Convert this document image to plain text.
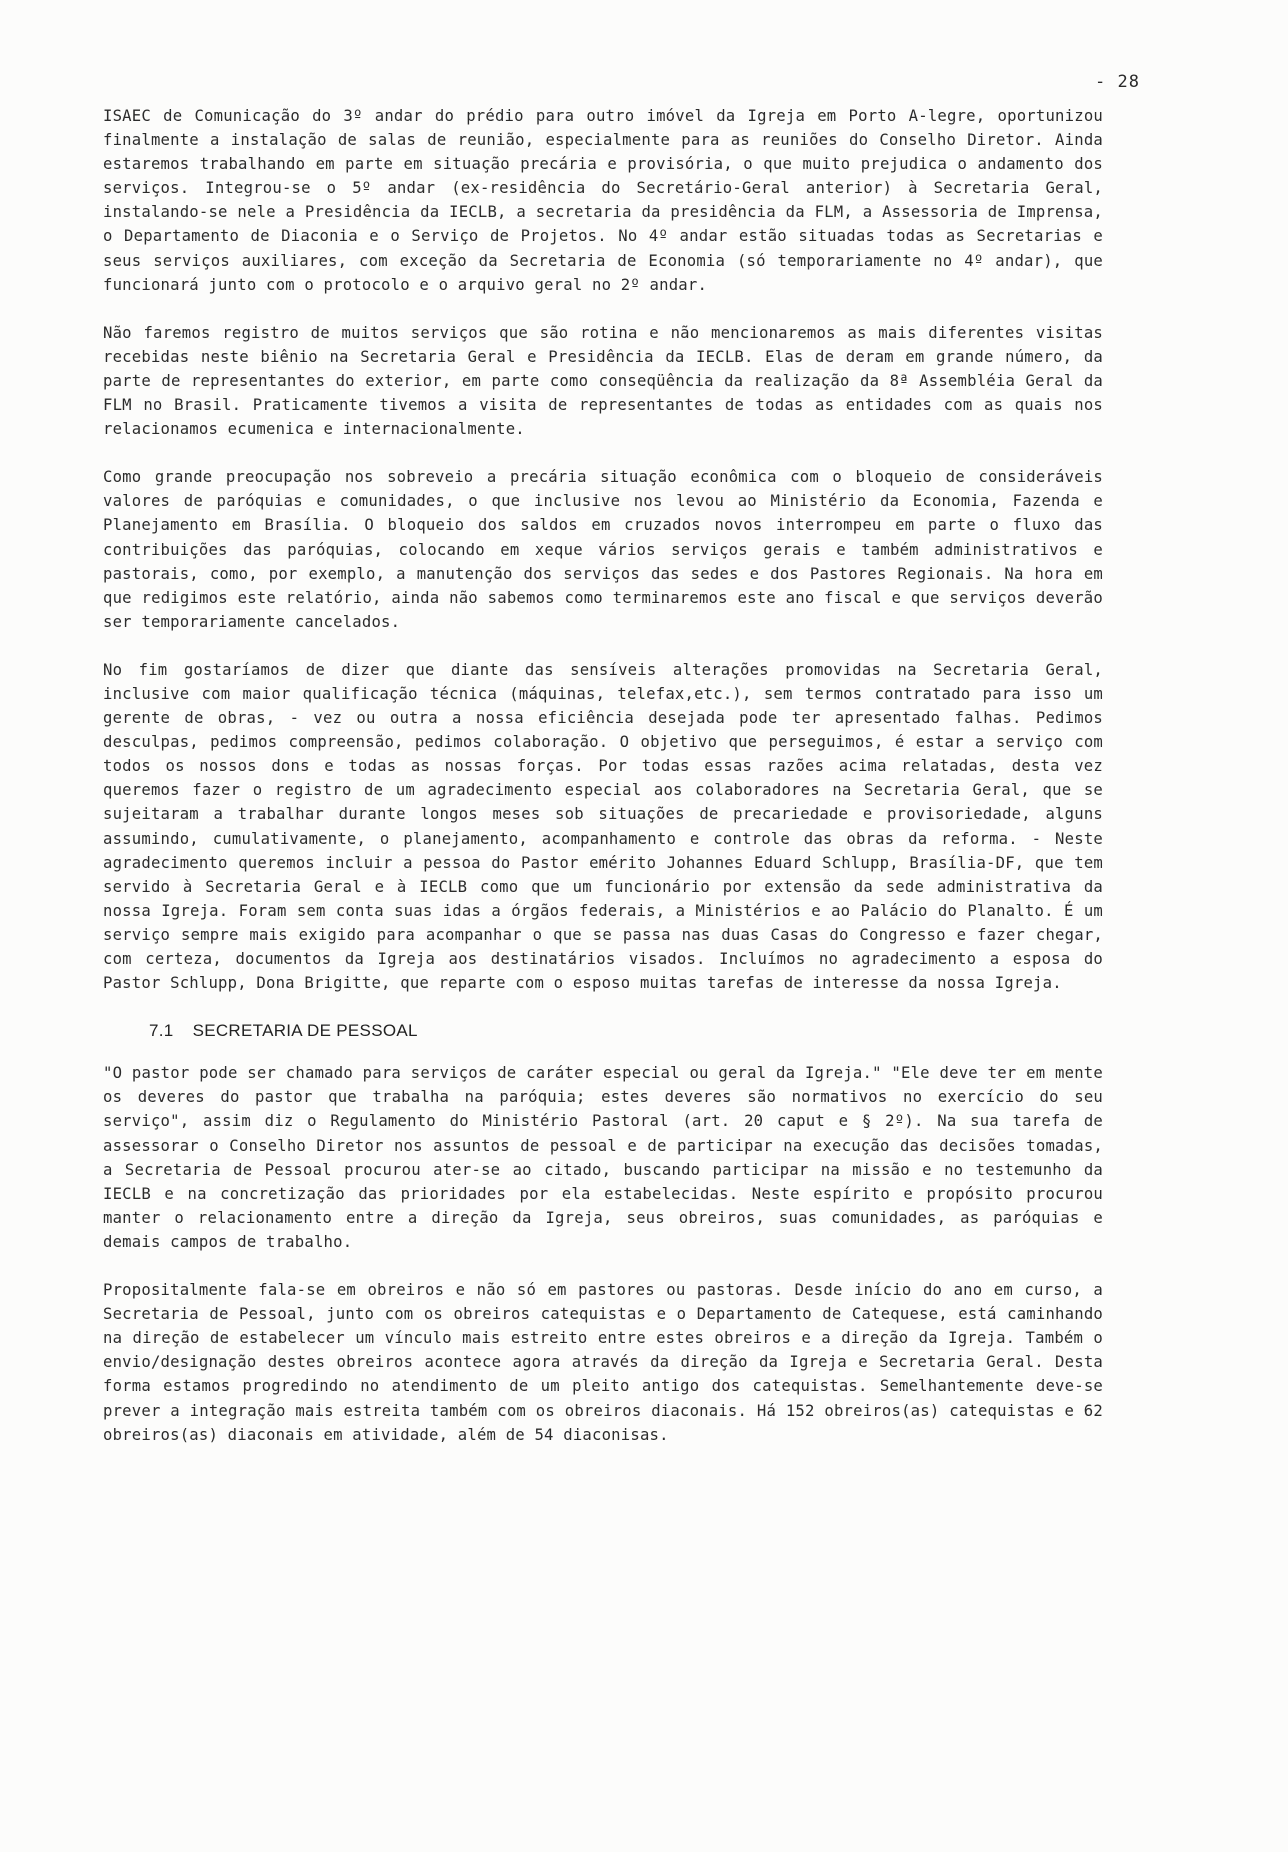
- 28

ISAEC de Comunicação do 3º andar do prédio para outro imóvel da Igreja em Porto A-legre, oportunizou finalmente a instalação de salas de reunião, especialmente para as reuniões do Conselho Diretor. Ainda estaremos trabalhando em parte em situação precária e provisória, o que muito prejudica o andamento dos serviços. Integrou-se o 5º andar (ex-residência do Secretário-Geral anterior) à Secretaria Geral, instalando-se nele a Presidência da IECLB, a secretaria da presidência da FLM, a Assessoria de Imprensa, o Departamento de Diaconia e o Serviço de Projetos. No 4º andar estão situadas todas as Secretarias e seus serviços auxiliares, com exceção da Secretaria de Economia (só temporariamente no 4º andar), que funcionará junto com o protocolo e o arquivo geral no 2º andar.

Não faremos registro de muitos serviços que são rotina e não mencionaremos as mais diferentes visitas recebidas neste biênio na Secretaria Geral e Presidência da IECLB. Elas de deram em grande número, da parte de representantes do exterior, em parte como conseqüência da realização da 8ª Assembléia Geral da FLM no Brasil. Praticamente tivemos a visita de representantes de todas as entidades com as quais nos relacionamos ecumenica e internacionalmente.

Como grande preocupação nos sobreveio a precária situação econômica com o bloqueio de consideráveis valores de paróquias e comunidades, o que inclusive nos levou ao Ministério da Economia, Fazenda e Planejamento em Brasília. O bloqueio dos saldos em cruzados novos interrompeu em parte o fluxo das contribuições das paróquias, colocando em xeque vários serviços gerais e também administrativos e pastorais, como, por exemplo, a manutenção dos serviços das sedes e dos Pastores Regionais. Na hora em que redigimos este relatório, ainda não sabemos como terminaremos este ano fiscal e que serviços deverão ser temporariamente cancelados.

No fim gostaríamos de dizer que diante das sensíveis alterações promovidas na Secretaria Geral, inclusive com maior qualificação técnica (máquinas, telefax,etc.), sem termos contratado para isso um gerente de obras, - vez ou outra a nossa eficiência desejada pode ter apresentado falhas. Pedimos desculpas, pedimos compreensão, pedimos colaboração. O objetivo que perseguimos, é estar a serviço com todos os nossos dons e todas as nossas forças. Por todas essas razões acima relatadas, desta vez queremos fazer o registro de um agradecimento especial aos colaboradores na Secretaria Geral, que se sujeitaram a trabalhar durante longos meses sob situações de precariedade e provisoriedade, alguns assumindo, cumulativamente, o planejamento, acompanhamento e controle das obras da reforma. - Neste agradecimento queremos incluir a pessoa do Pastor emérito Johannes Eduard Schlupp, Brasília-DF, que tem servido à Secretaria Geral e à IECLB como que um funcionário por extensão da sede administrativa da nossa Igreja. Foram sem conta suas idas a órgãos federais, a Ministérios e ao Palácio do Planalto. É um serviço sempre mais exigido para acompanhar o que se passa nas duas Casas do Congresso e fazer chegar, com certeza, documentos da Igreja aos destinatários visados. Incluímos no agradecimento a esposa do Pastor Schlupp, Dona Brigitte, que reparte com o esposo muitas tarefas de interesse da nossa Igreja.

7.1 SECRETARIA DE PESSOAL

"O pastor pode ser chamado para serviços de caráter especial ou geral da Igreja." "Ele deve ter em mente os deveres do pastor que trabalha na paróquia; estes deveres são normativos no exercício do seu serviço", assim diz o Regulamento do Ministério Pastoral (art. 20 caput e § 2º). Na sua tarefa de assessorar o Conselho Diretor nos assuntos de pessoal e de participar na execução das decisões tomadas, a Secretaria de Pessoal procurou ater-se ao citado, buscando participar na missão e no testemunho da IECLB e na concretização das prioridades por ela estabelecidas. Neste espírito e propósito procurou manter o relacionamento entre a direção da Igreja, seus obreiros, suas comunidades, as paróquias e demais campos de trabalho.

Propositalmente fala-se em obreiros e não só em pastores ou pastoras. Desde início do ano em curso, a Secretaria de Pessoal, junto com os obreiros catequistas e o Departamento de Catequese, está caminhando na direção de estabelecer um vínculo mais estreito entre estes obreiros e a direção da Igreja. Também o envio/designação destes obreiros acontece agora através da direção da Igreja e Secretaria Geral. Desta forma estamos progredindo no atendimento de um pleito antigo dos catequistas. Semelhantemente deve-se prever a integração mais estreita também com os obreiros diaconais. Há 152 obreiros(as) catequistas e 62 obreiros(as) diaconais em atividade, além de 54 diaconisas.
